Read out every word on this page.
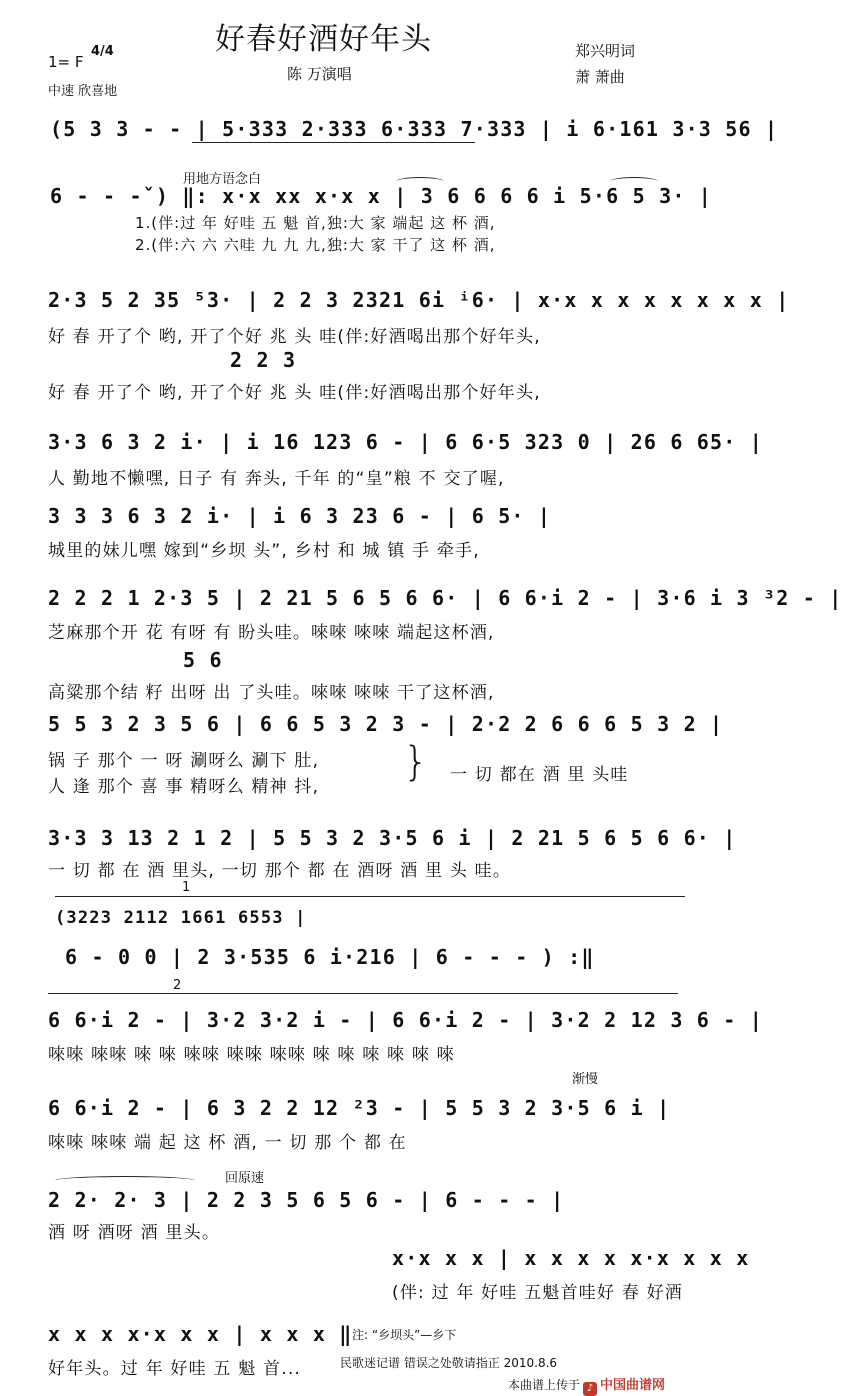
好春好酒好年头
1= F
4/4
中速 欣喜地
陈 万演唱
郑兴明词
萧 萧曲
(5 3 3 - - | 5·333 2·333 6·333 7·333 | i 6·161 3·3 56 |
用地方语念白
6 - - -ˇ) ‖: x·x xx x·x x | 3 6 6 6 6 i 5·6 5 3· |
1.(伴:过 年 好哇 五 魁 首,独:大 家 端起 这 杯 酒,
2.(伴:六 六 六哇 九 九 九,独:大 家 干了 这 杯 酒,
2·3 5 2 35 ⁵3· | 2 2 3 2321 6i ⁱ6· | x·x x x x x x x x |
好 春 开了个 哟, 开了个好 兆 头 哇(伴:好酒喝出那个好年头,
2 2 3
好 春 开了个 哟, 开了个好 兆 头 哇(伴:好酒喝出那个好年头,
3·3 6 3 2 i· | i 16 123 6 - | 6 6·5 323 0 | 26 6 65· |
人 勤地不懒嘿, 日子 有 奔头, 千年 的“皇”粮 不 交了喔,
3 3 3 6 3 2 i· | i 6 3 23 6 - | 6 5· |
城里的妹儿嘿 嫁到“乡坝 头”, 乡村 和 城 镇 手 牵手,
2 2 2 1 2·3 5 | 2 21 5 6 5 6 6· | 6 6·i 2 - | 3·6 i 3 ³2 - |
芝麻那个开 花 有呀 有 盼头哇。唻唻 唻唻 端起这杯酒,
5 6
高粱那个结 籽 出呀 出 了头哇。唻唻 唻唻 干了这杯酒,
5 5 3 2 3 5 6 | 6 6 5 3 2 3 - | 2·2 2 6 6 6 5 3 2 |
锅 子 那个 一 呀 涮呀么 涮下 肚,
人 逢 那个 喜 事 精呀么 精神 抖,
} 一 切 都在 酒 里 头哇
3·3 3 13 2 1 2 | 5 5 3 2 3·5 6 i | 2 21 5 6 5 6 6· |
一 切 都 在 酒 里头, 一切 那个 都 在 酒呀 酒 里 头 哇。
1
(3223 2112 1661 6553 |
6 - 0 0 | 2 3·535 6 i·216 | 6 - - - ) :‖
2
6 6·i 2 - | 3·2 3·2 i - | 6 6·i 2 - | 3·2 2 12 3 6 - |
唻唻 唻唻 唻 唻 唻唻 唻唻 唻唻 唻 唻 唻 唻 唻 唻
渐慢
6 6·i 2 - | 6 3 2 2 12 ²3 - | 5 5 3 2 3·5 6 i |
唻唻 唻唻 端 起 这 杯 酒, 一 切 那 个 都 在
回原速
2 2· 2· 3 | 2 2 3 5 6 5 6 - | 6 - - - |
酒 呀 酒呀 酒 里头。
x·x x x | x x x x x·x x x x
(伴: 过 年 好哇 五魁首哇好 春 好酒
x x x x·x x x | x x x ‖
好年头。过 年 好哇 五 魁 首...
注: “乡坝头”—乡下
民歌迷记谱 错误之处敬请指正 2010.8.6
本曲谱上传于 ♪ 中国曲谱网
